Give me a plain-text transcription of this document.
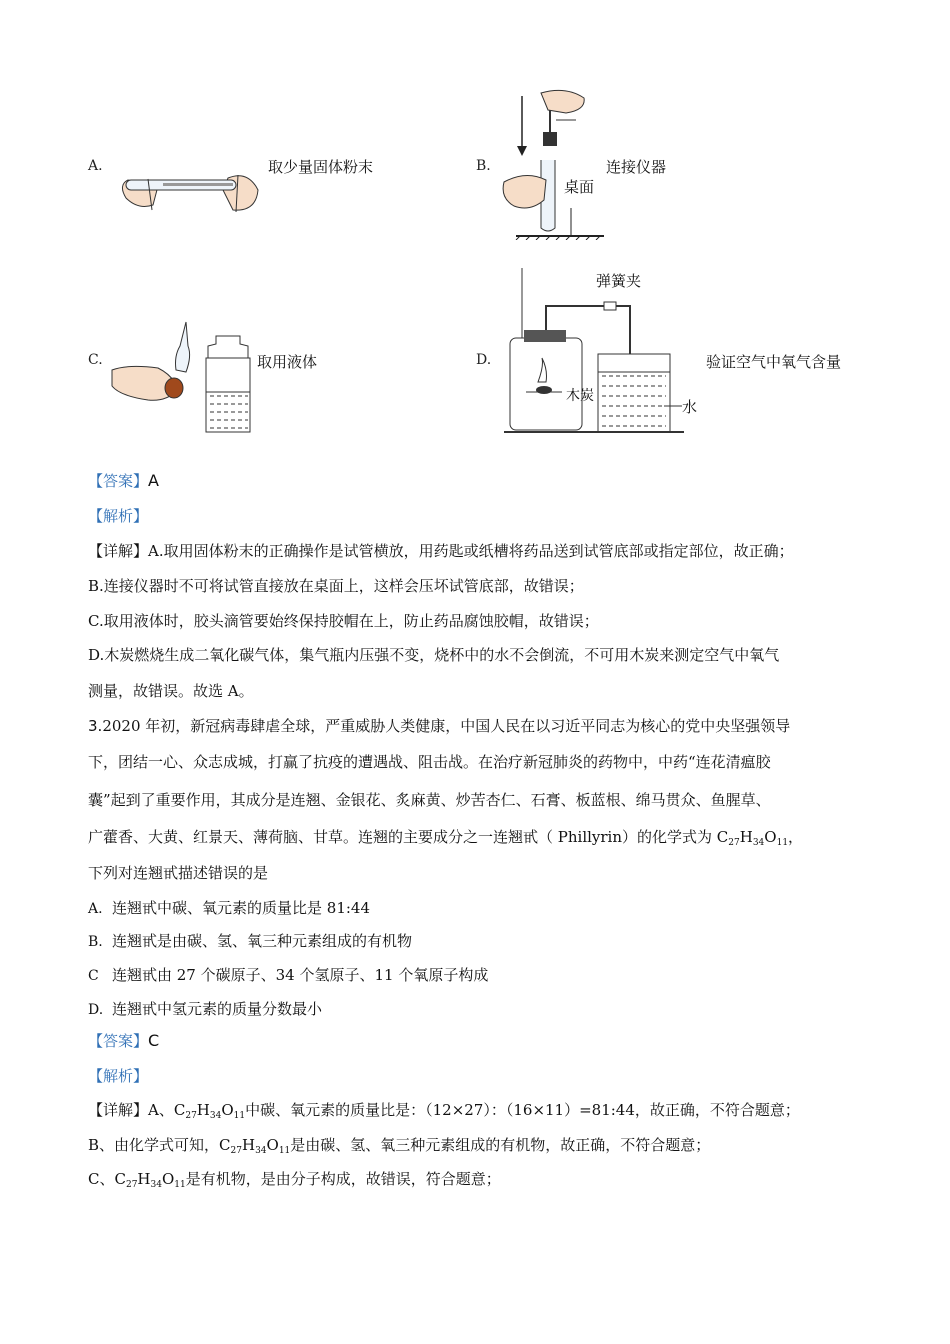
A.	取少量固体粉末	B.
桌面
连接仪器
C.	取用液体	D.
弹簧夹
木炭
水
验证空气中氧气含量
【答案】A
【解析】
【详解】A.取用固体粉末的正确操作是试管横放，用药匙或纸槽将药品送到试管底部或指定部位，故正确；
B.连接仪器时不可将试管直接放在桌面上，这样会压坏试管底部，故错误；
C.取用液体时，胶头滴管要始终保持胶帽在上，防止药品腐蚀胶帽，故错误；
D.木炭燃烧生成二氧化碳气体，集气瓶内压强不变，烧杯中的水不会倒流，不可用木炭来测定空气中氧气
测量，故错误。故选 A。
3.2020 年初，新冠病毒肆虐全球，严重威胁人类健康，中国人民在以习近平同志为核心的党中央坚强领导
下，团结一心、众志成城，打赢了抗疫的遭遇战、阻击战。在治疗新冠肺炎的药物中，中药“连花清瘟胶
囊”起到了重要作用，其成分是连翘、金银花、炙麻黄、炒苦杏仁、石膏、板蓝根、绵马贯众、鱼腥草、
广藿香、大黄、红景天、薄荷脑、甘草。连翘的主要成分之一连翘甙（ Phillyrin）的化学式为 $C_{27}H_{34}O_{11}$，
下列对连翘甙描述错误的是
A. 连翘甙中碳、氧元素的质量比是 81:44
B. 连翘甙是由碳、氢、氧三种元素组成的有机物
C 连翘甙由 27 个碳原子、34 个氢原子、11 个氧原子构成
D. 连翘甙中氢元素的质量分数最小
【答案】C
【解析】
【详解】A、$C_{27}H_{34}O_{11}$中碳、氧元素的质量比是：（12×27）：（16×11）=81:44，故正确，不符合题意；
B、由化学式可知，$C_{27}H_{34}O_{11}$是由碳、氢、氧三种元素组成的有机物，故正确，不符合题意；
C、$C_{27}H_{34}O_{11}$是有机物，是由分子构成，故错误，符合题意；
